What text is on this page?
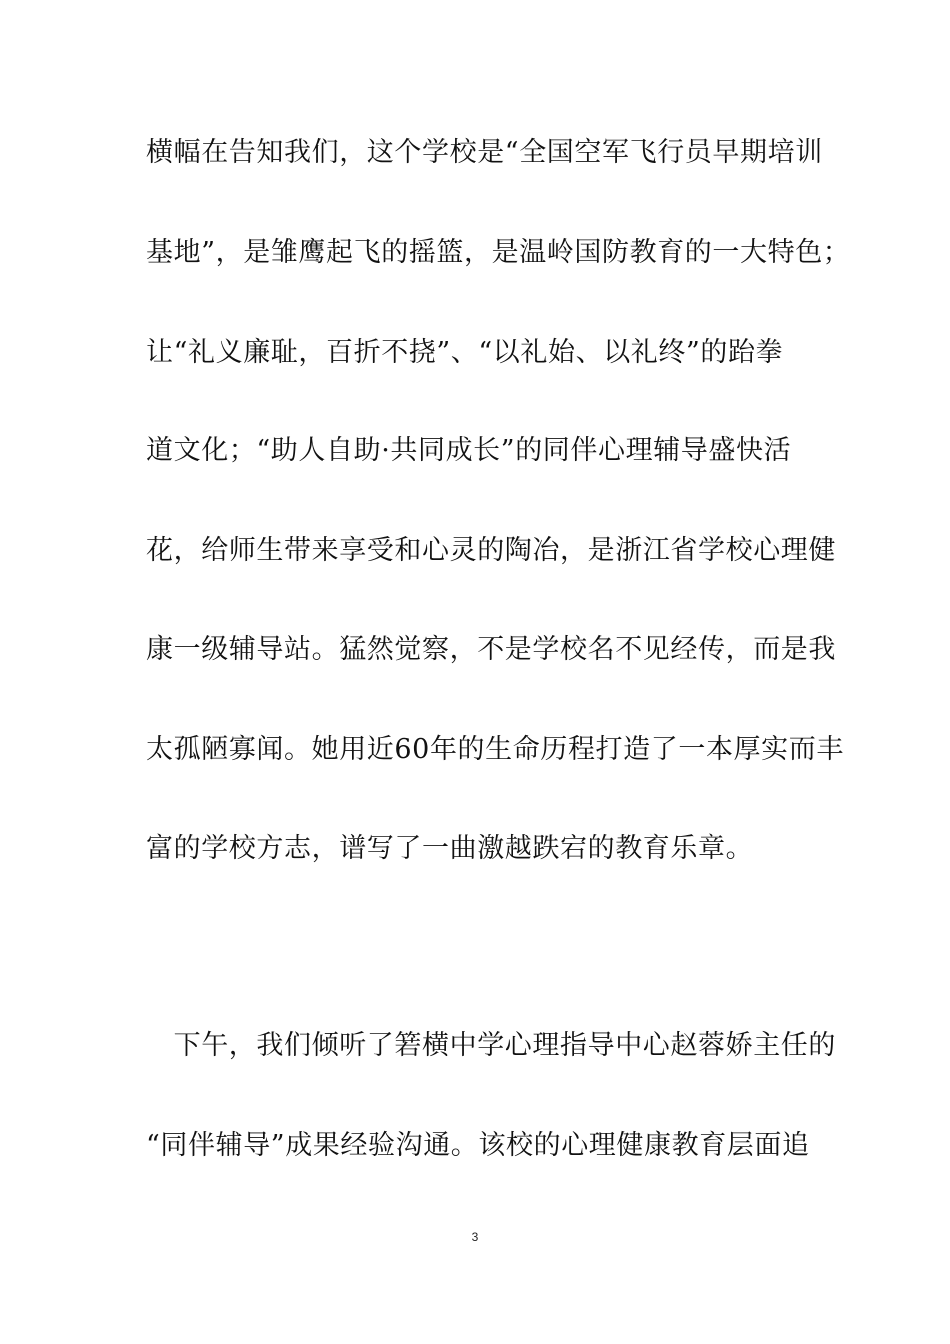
横幅在告知我们，这个学校是“全国空军飞行员早期培训
基地”，是雏鹰起飞的摇篮，是温岭国防教育的一大特色；
让“礼义廉耻，百折不挠”、“以礼始、以礼终”的跆拳
道文化；“助人自助·共同成长”的同伴心理辅导盛快活
花，给师生带来享受和心灵的陶冶，是浙江省学校心理健
康一级辅导站。猛然觉察，不是学校名不见经传，而是我
太孤陋寡闻。她用近60年的生命历程打造了一本厚实而丰
富的学校方志，谱写了一曲激越跌宕的教育乐章。
　下午，我们倾听了箬横中学心理指导中心赵蓉娇主任的
“同伴辅导”成果经验沟通。该校的心理健康教育层面追
3
